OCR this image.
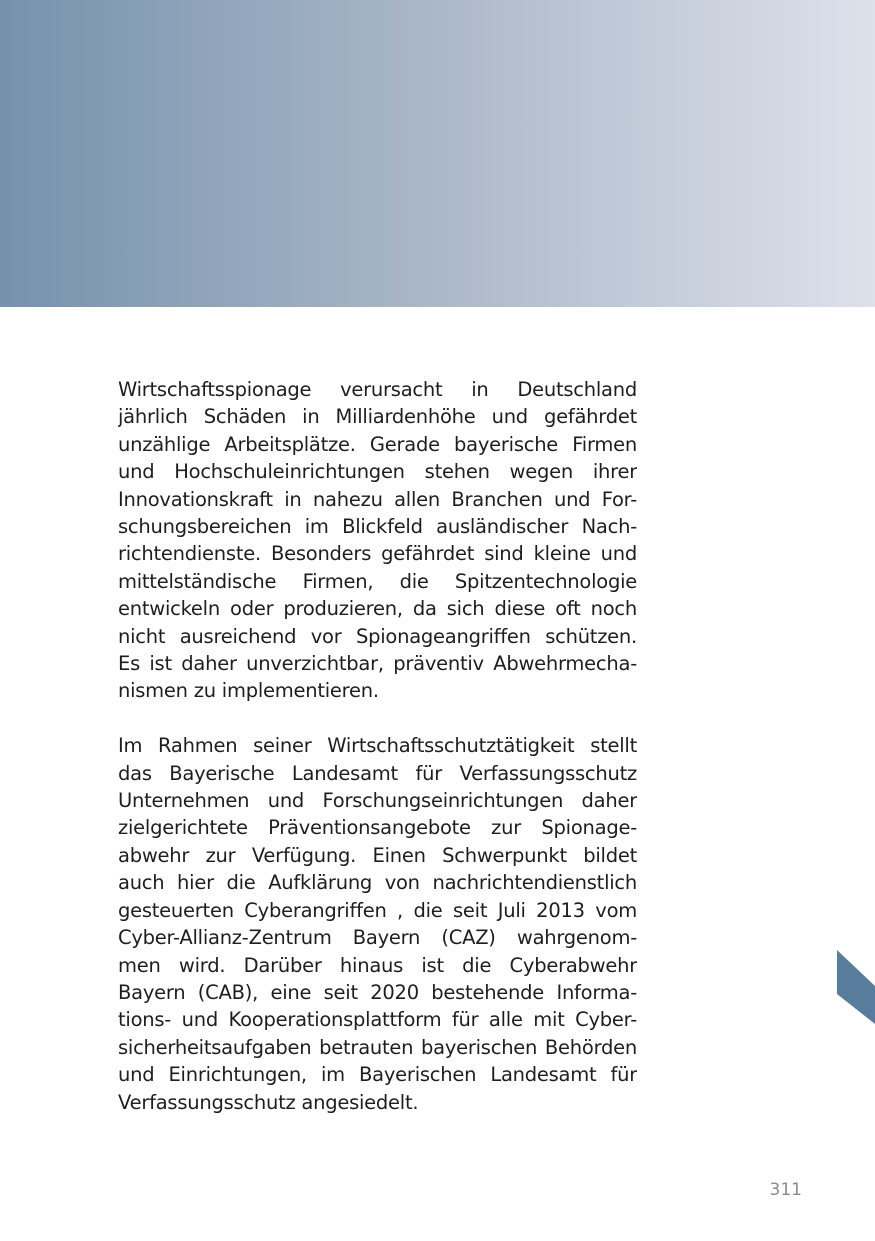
Wirtschaftsspionage verursacht in Deutschland
jährlich Schäden in Milliardenhöhe und gefährdet
unzählige Arbeitsplätze. Gerade bayerische Firmen
und Hochschuleinrichtungen stehen wegen ihrer
Innovationskraft in nahezu allen Branchen und For-
schungsbereichen im Blickfeld ausländischer Nach-
richtendienste. Besonders gefährdet sind kleine und
mittelständische Firmen, die Spitzentechnologie
entwickeln oder produzieren, da sich diese oft noch
nicht ausreichend vor Spionageangriffen schützen.
Es ist daher unverzichtbar, präventiv Abwehrmecha-
nismen zu implementieren.

Im Rahmen seiner Wirtschaftsschutztätigkeit stellt
das Bayerische Landesamt für Verfassungsschutz
Unternehmen und Forschungseinrichtungen daher
zielgerichtete Präventionsangebote zur Spionage-
abwehr zur Verfügung. Einen Schwerpunkt bildet
auch hier die Aufklärung von nachrichtendienstlich
gesteuerten Cyberangriffen , die seit Juli 2013 vom
Cyber-Allianz-Zentrum Bayern (CAZ) wahrgenom-
men wird. Darüber hinaus ist die Cyberabwehr
Bayern (CAB), eine seit 2020 bestehende Informa-
tions- und Kooperationsplattform für alle mit Cyber-
sicherheitsaufgaben betrauten bayerischen Behörden
und Einrichtungen, im Bayerischen Landesamt für
Verfassungsschutz angesiedelt.

311
